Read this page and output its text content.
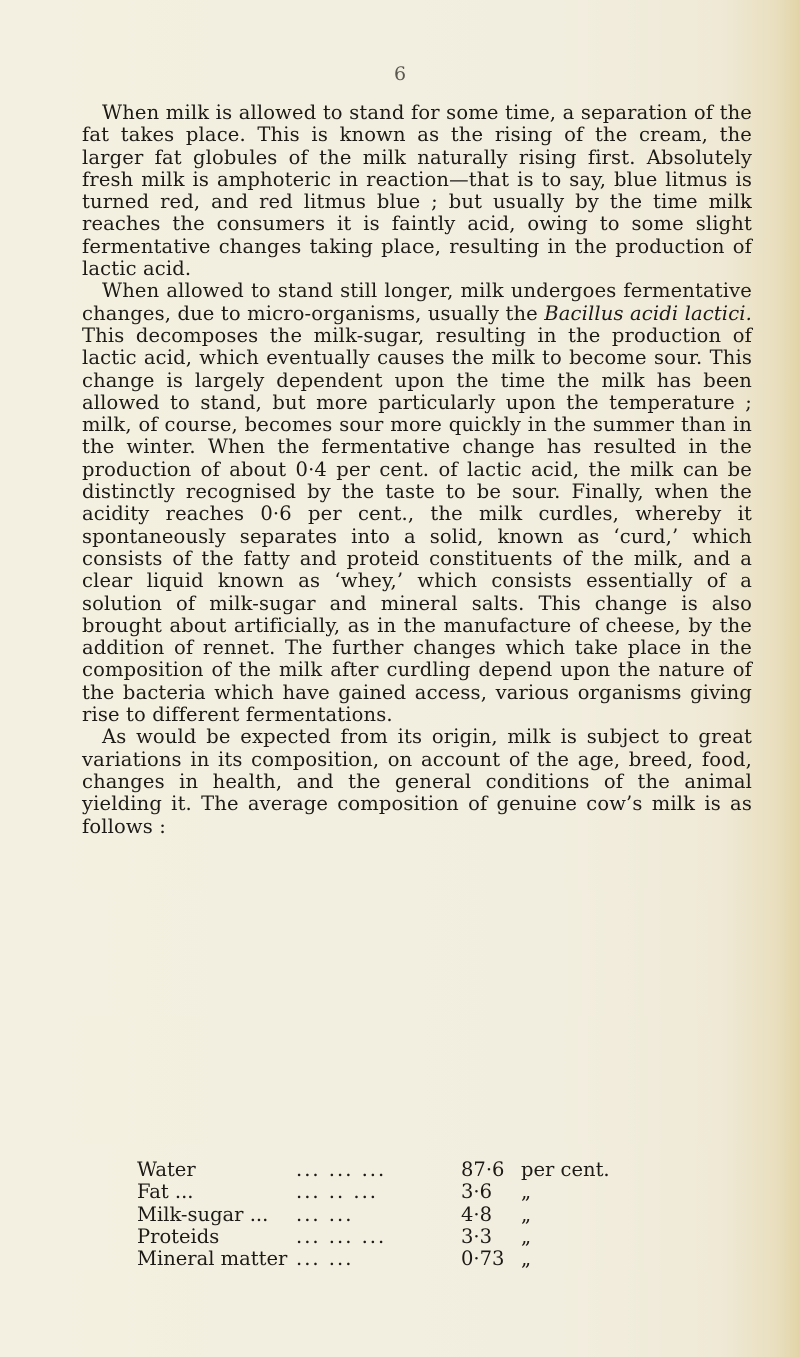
6

When milk is allowed to stand for some time, a separation of the fat takes place. This is known as the rising of the cream, the larger fat globules of the milk naturally rising first. Absolutely fresh milk is amphoteric in reaction—that is to say, blue litmus is turned red, and red litmus blue ; but usually by the time milk reaches the consumers it is faintly acid, owing to some slight fermentative changes taking place, resulting in the production of lactic acid.

When allowed to stand still longer, milk undergoes fermentative changes, due to micro-organisms, usually the Bacillus acidi lactici. This decomposes the milk-sugar, resulting in the production of lactic acid, which eventually causes the milk to become sour. This change is largely dependent upon the time the milk has been allowed to stand, but more particularly upon the temperature ; milk, of course, becomes sour more quickly in the summer than in the winter. When the fermentative change has resulted in the production of about 0·4 per cent. of lactic acid, the milk can be distinctly recognised by the taste to be sour. Finally, when the acidity reaches 0·6 per cent., the milk curdles, whereby it spontaneously separates into a solid, known as ‘curd,’ which consists of the fatty and proteid constituents of the milk, and a clear liquid known as ‘whey,’ which consists essentially of a solution of milk-sugar and mineral salts. This change is also brought about artificially, as in the manufacture of cheese, by the addition of rennet. The further changes which take place in the composition of the milk after curdling depend upon the nature of the bacteria which have gained access, various organisms giving rise to different fermentations.

As would be expected from its origin, milk is subject to great variations in its composition, on account of the age, breed, food, changes in health, and the general conditions of the animal yielding it. The average composition of genuine cow’s milk is as follows :

Water	... ... ...	87·6	per cent.
Fat ...	... .. ...	3·6	„
Milk-sugar ...	... ...	4·8	„
Proteids	... ... ...	3·3	„
Mineral matter	... ...	0·73	„
